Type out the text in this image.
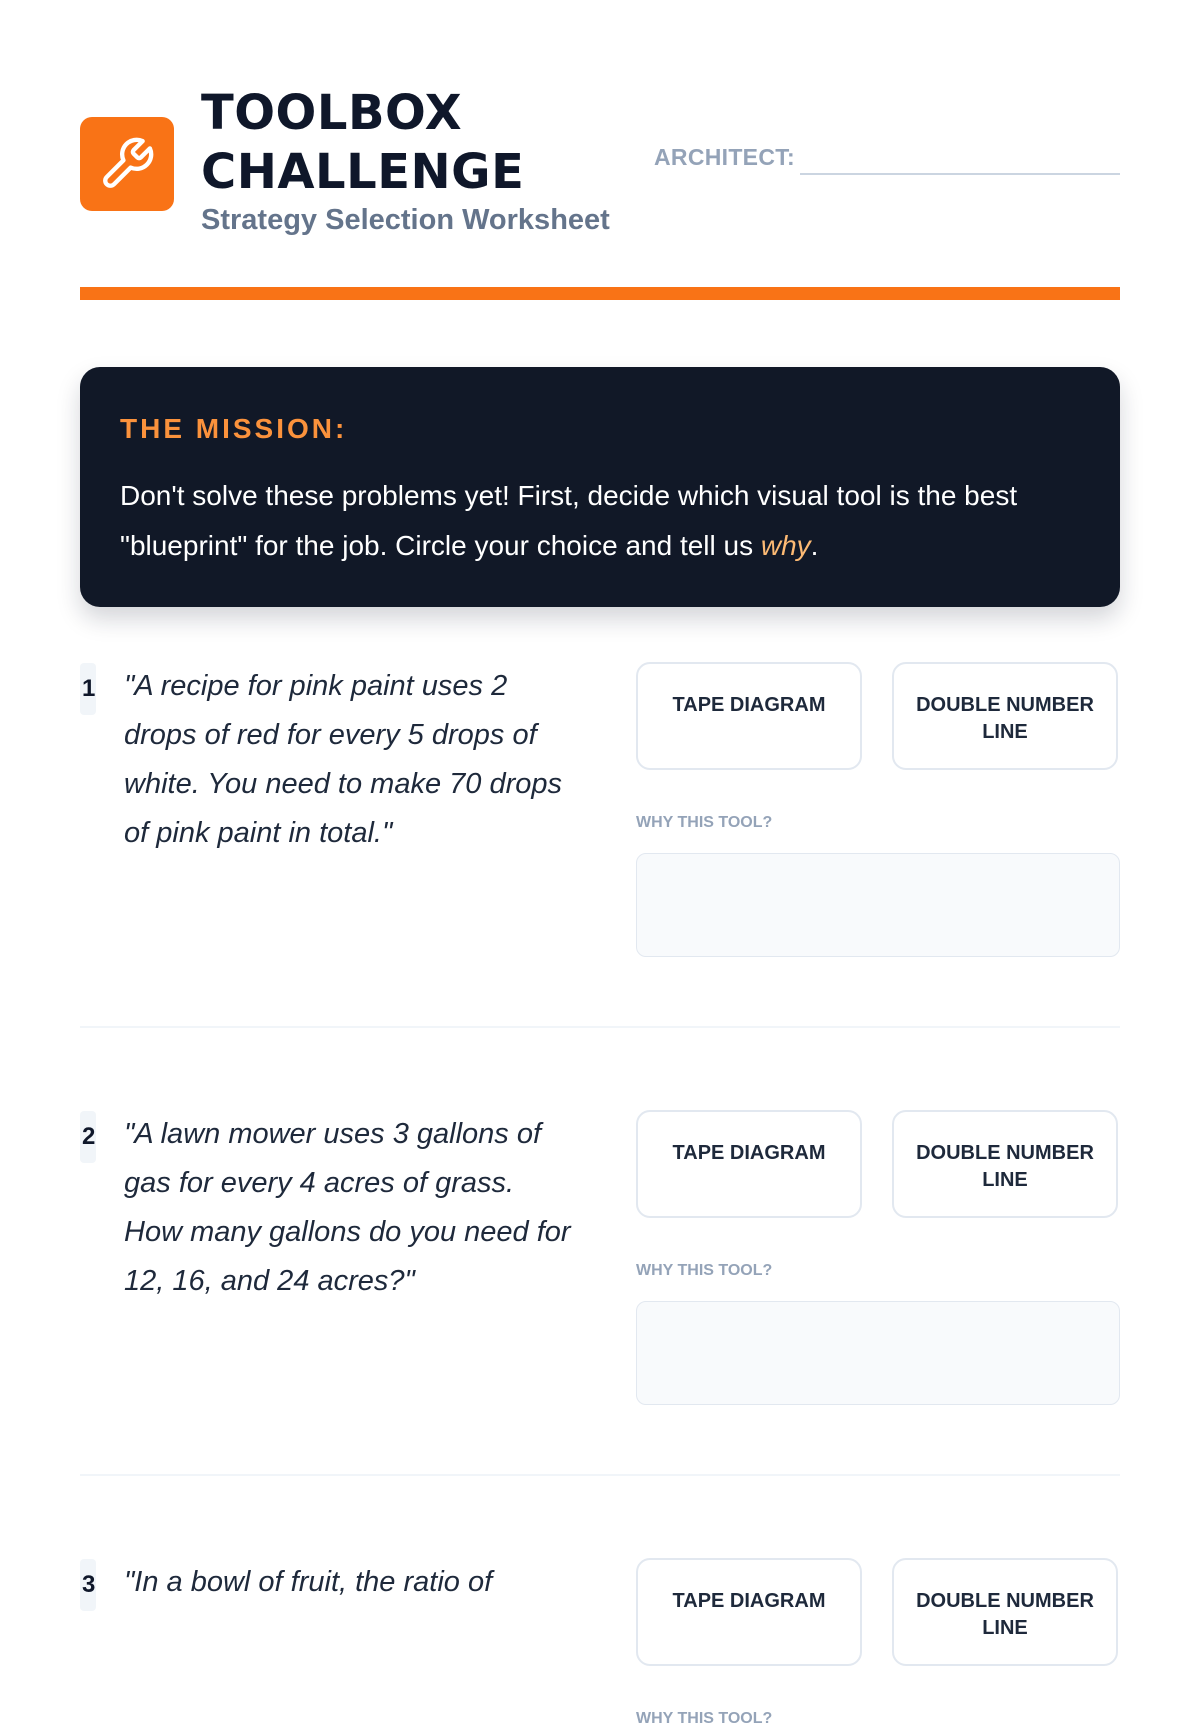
TOOLBOX
CHALLENGE
Strategy Selection Worksheet
ARCHITECT:
THE MISSION:

Don't solve these problems yet! First, decide which visual tool is the best "blueprint" for the job. Circle your choice and tell us why.

1 "A recipe for pink paint uses 2 drops of red for every 5 drops of white. You need to make 70 drops of pink paint in total."

TAPE DIAGRAM	DOUBLE NUMBER LINE
WHY THIS TOOL?
2 "A lawn mower uses 3 gallons of gas for every 4 acres of grass. How many gallons do you need for 12, 16, and 24 acres?"

TAPE DIAGRAM	DOUBLE NUMBER LINE
WHY THIS TOOL?
3 "In a bowl of fruit, the ratio of

TAPE DIAGRAM	DOUBLE NUMBER LINE
WHY THIS TOOL?
